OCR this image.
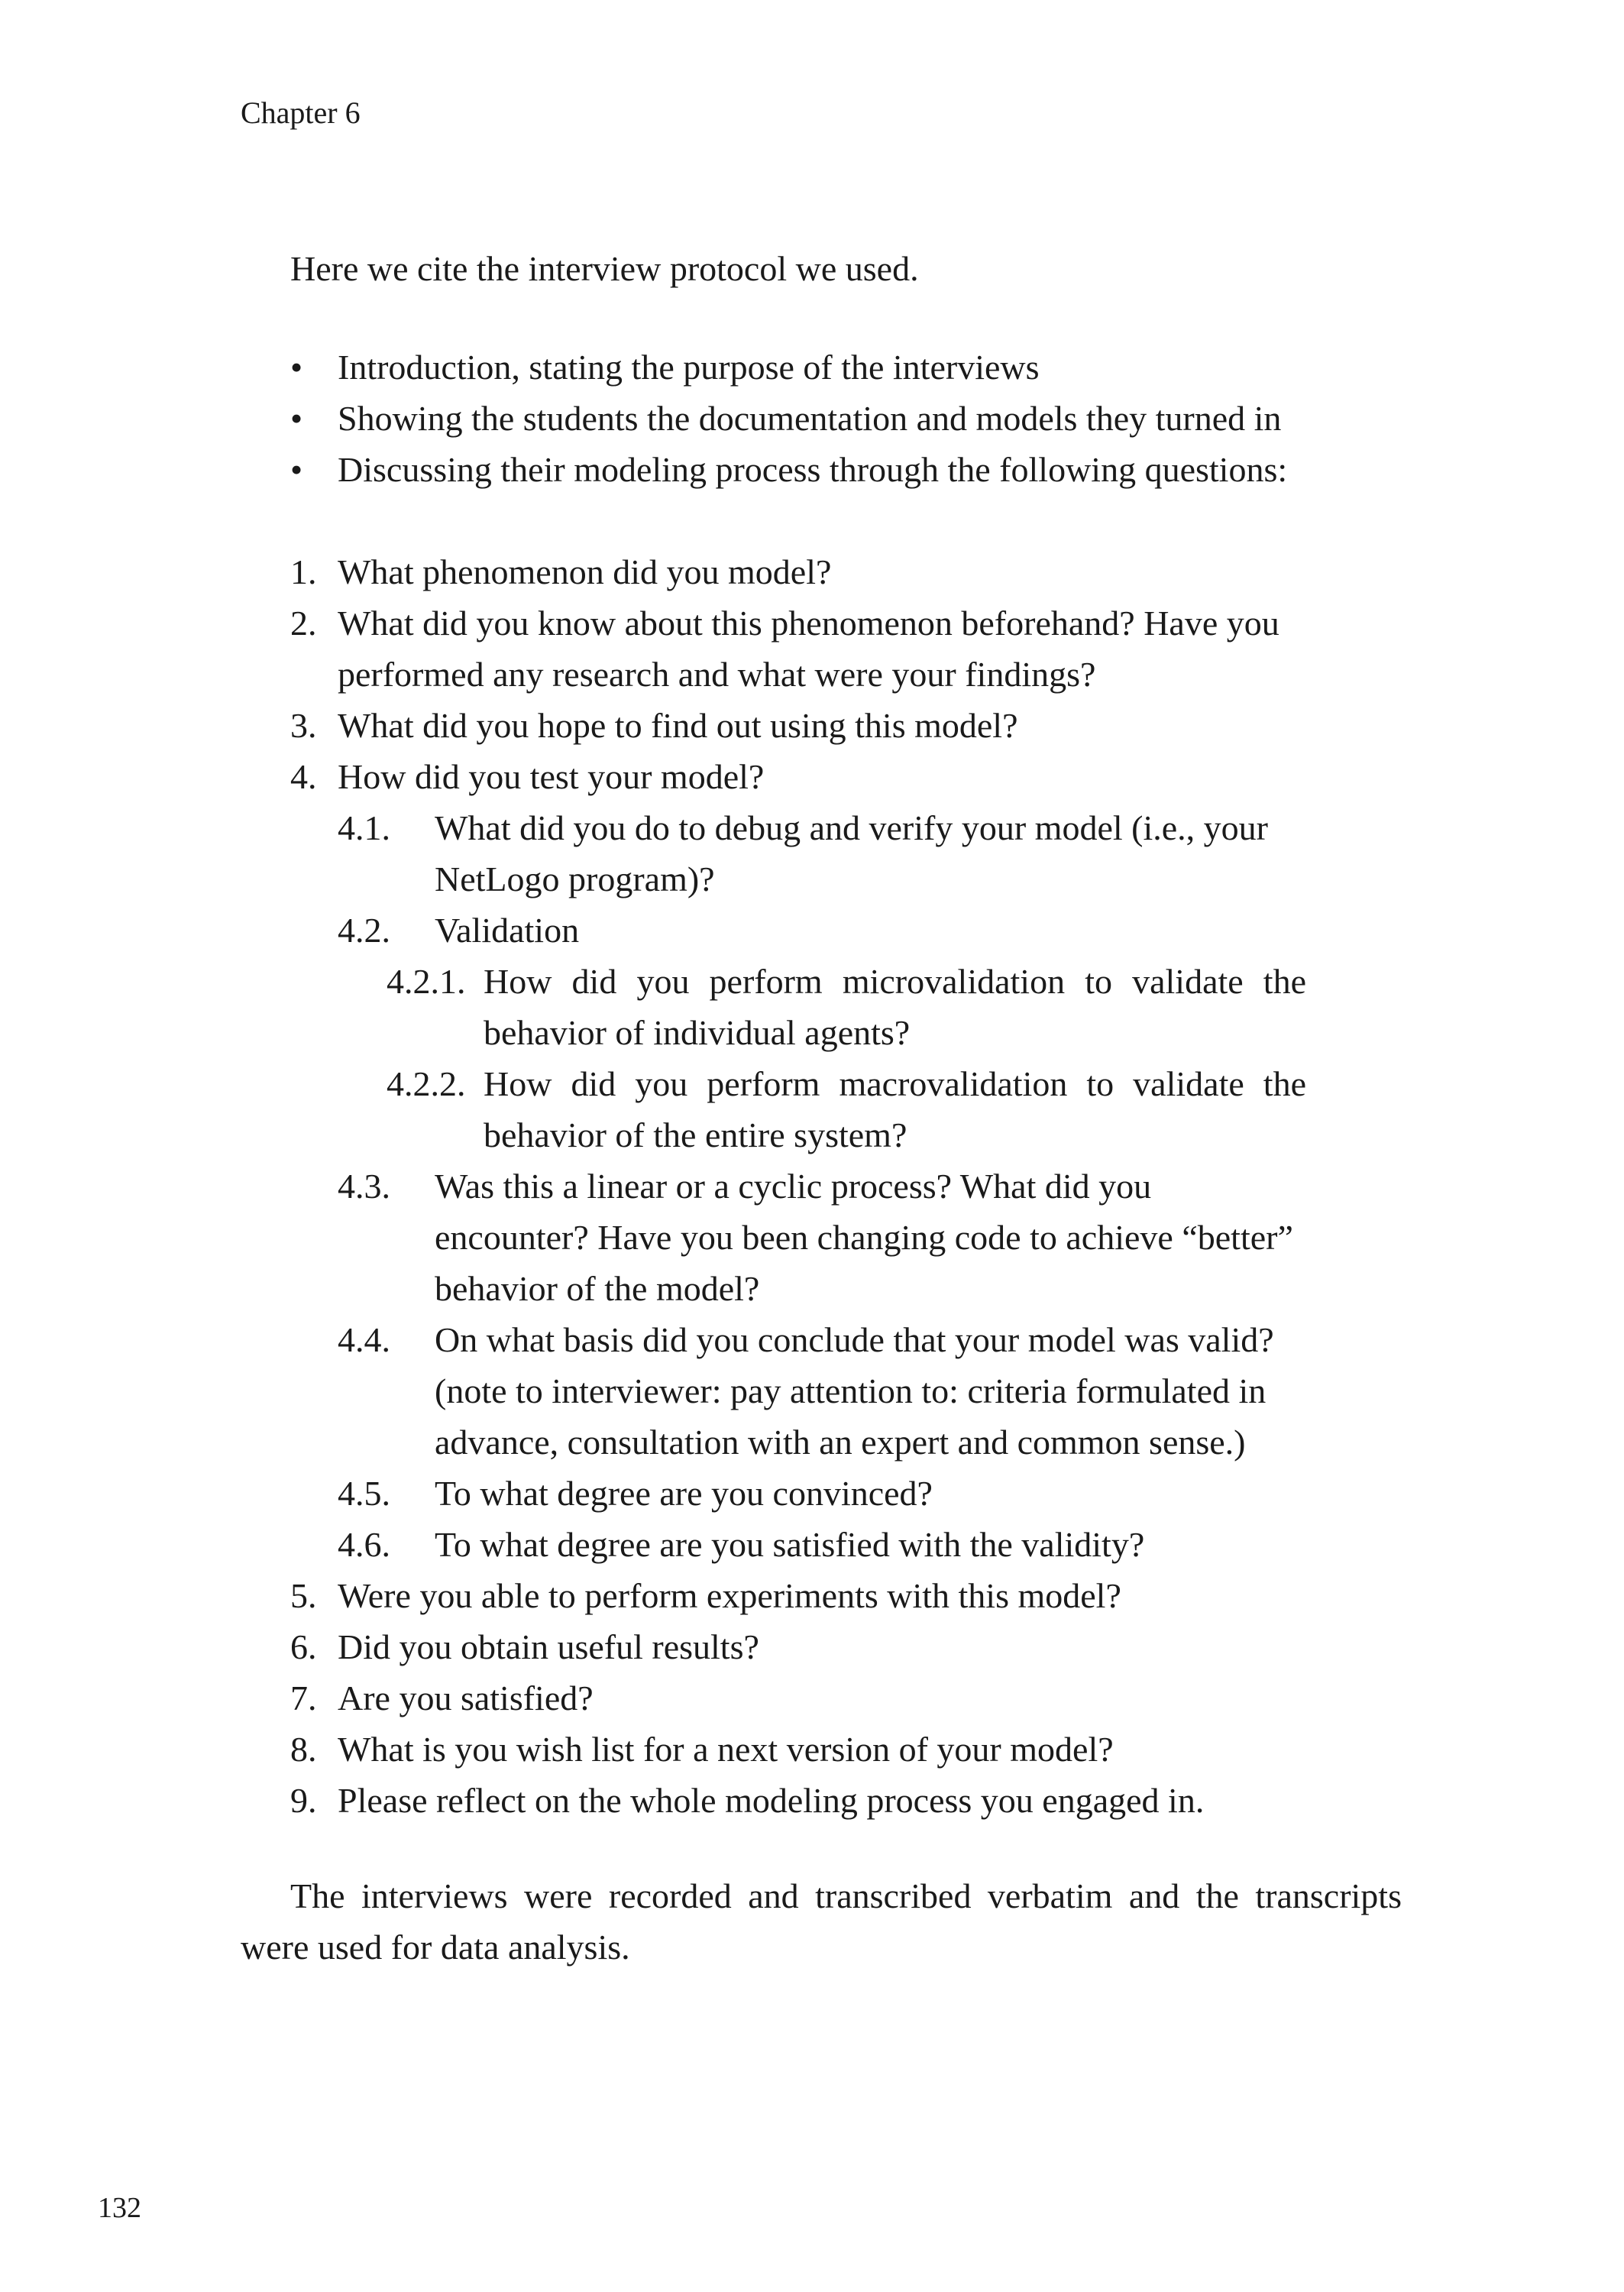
Chapter 6

Here we cite the interview protocol we used.

• Introduction, stating the purpose of the interviews
• Showing the students the documentation and models they turned in
• Discussing their modeling process through the following questions:
1. What phenomenon did you model?
2. What did you know about this phenomenon beforehand? Have you performed any research and what were your findings?
3. What did you hope to find out using this model?
4. How did you test your model?
4.1. What did you do to debug and verify your model (i.e., your NetLogo program)?
4.2. Validation
4.2.1. How did you perform microvalidation to validate the behavior of individual agents?
4.2.2. How did you perform macrovalidation to validate the behavior of the entire system?
4.3. Was this a linear or a cyclic process? What did you encounter? Have you been changing code to achieve “better” behavior of the model?
4.4. On what basis did you conclude that your model was valid? (note to interviewer: pay attention to: criteria formulated in advance, consultation with an expert and common sense.)
4.5. To what degree are you convinced?
4.6. To what degree are you satisfied with the validity?
5. Were you able to perform experiments with this model?
6. Did you obtain useful results?
7. Are you satisfied?
8. What is you wish list for a next version of your model?
9. Please reflect on the whole modeling process you engaged in.

The interviews were recorded and transcribed verbatim and the transcripts were used for data analysis.

132
